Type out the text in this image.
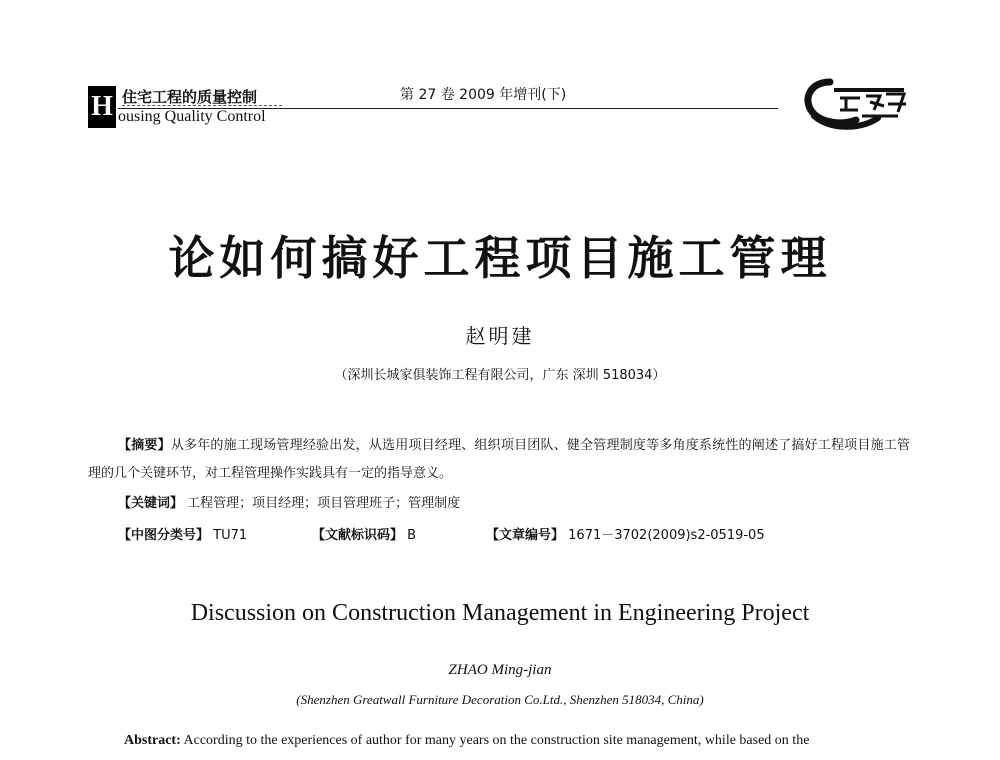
H 住宅工程的质量控制
ousing Quality Control
第 27 卷 2009 年增刊(下)
论如何搞好工程项目施工管理
赵明建
（深圳长城家俱装饰工程有限公司，广东 深圳 518034）
【摘要】从多年的施工现场管理经验出发，从选用项目经理、组织项目团队、健全管理制度等多角度系统性的阐述了搞好工程项目施工管理的几个关键环节，对工程管理操作实践具有一定的指导意义。
【关键词】 工程管理；项目经理；项目管理班子；管理制度
【中图分类号】 TU71	【文献标识码】 B	【文章编号】 1671－3702(2009)s2-0519-05
Discussion on Construction Management in Engineering Project
ZHAO Ming-jian
(Shenzhen Greatwall Furniture Decoration Co.Ltd., Shenzhen 518034, China)
Abstract: According to the experiences of author for many years on the construction site management, while based on the
